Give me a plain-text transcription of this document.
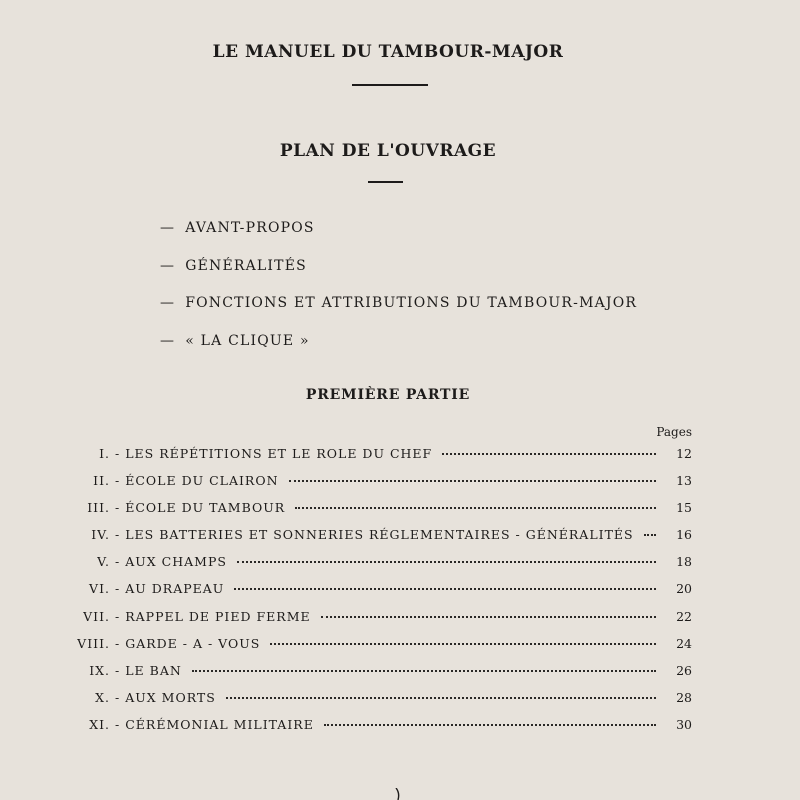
LE MANUEL DU TAMBOUR-MAJOR
PLAN DE L'OUVRAGE
— AVANT-PROPOS
— GÉNÉRALITÉS
— FONCTIONS ET ATTRIBUTIONS DU TAMBOUR-MAJOR
— « LA CLIQUE »
PREMIÈRE PARTIE
Pages
I. - LES RÉPÉTITIONS ET LE ROLE DU CHEF	12
II. - ÉCOLE DU CLAIRON	13
III. - ÉCOLE DU TAMBOUR	15
IV. - LES BATTERIES ET SONNERIES RÉGLEMENTAIRES - GÉNÉRALITÉS	16
V. - AUX CHAMPS	18
VI. - AU DRAPEAU	20
VII. - RAPPEL DE PIED FERME	22
VIII. - GARDE - A - VOUS	24
IX. - LE BAN	26
X. - AUX MORTS	28
XI. - CÉRÉMONIAL MILITAIRE	30
